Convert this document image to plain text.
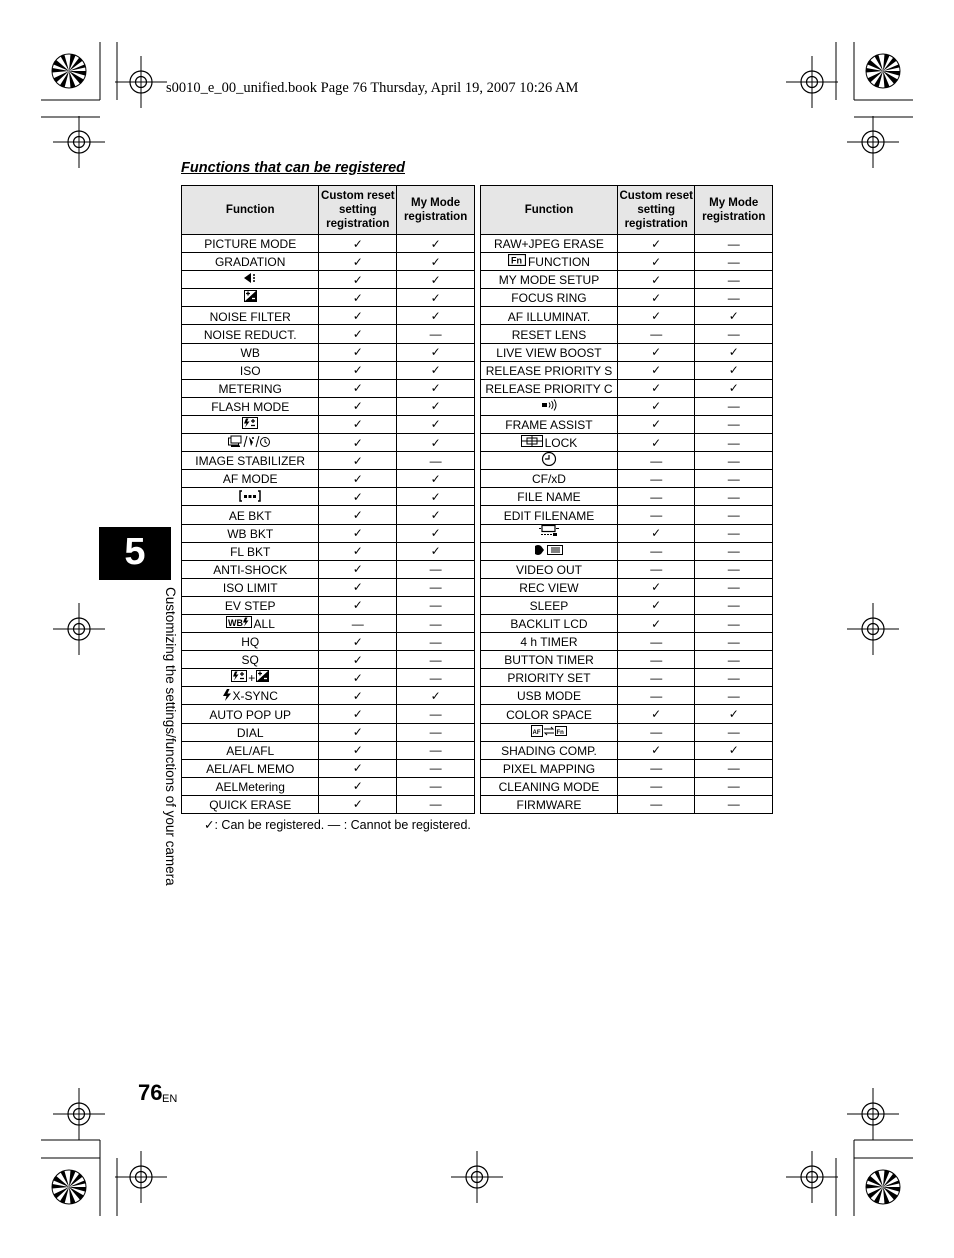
s0010_e_00_unified.book Page 76 Thursday, April 19, 2007 10:26 AM
Functions that can be registered
Function	Custom reset setting registration	My Mode registration
PICTURE MODE	✓	✓
GRADATION	✓	✓
	✓	✓
	✓	✓
NOISE FILTER	✓	✓
NOISE REDUCT.	✓	—
WB	✓	✓
ISO	✓	✓
METERING	✓	✓
FLASH MODE	✓	✓
	✓	✓
	✓	✓
IMAGE STABILIZER	✓	—
AF MODE	✓	✓
	✓	✓
AE BKT	✓	✓
WB BKT	✓	✓
FL BKT	✓	✓
ANTI-SHOCK	✓	—
ISO LIMIT	✓	—
EV STEP	✓	—

WB ALL	—	—
HQ	✓	—
SQ	✓	—
+	✓	—
X-SYNC	✓	✓
AUTO POP UP	✓	—
DIAL	✓	—
AEL/AFL	✓	—
AEL/AFL MEMO	✓	—
AELMetering	✓	—
QUICK ERASE	✓	—
Function	Custom reset setting registration	My Mode registration
RAW+JPEG ERASE	✓	—

Fn FUNCTION	✓	—
MY MODE SETUP	✓	—
FOCUS RING	✓	—
AF ILLUMINAT.	✓	✓
RESET LENS	—	—
LIVE VIEW BOOST	✓	✓
RELEASE PRIORITY S	✓	✓
RELEASE PRIORITY C	✓	✓
	✓	—
FRAME ASSIST	✓	—
LOCK	✓	—
	—	—
CF/xD	—	—
FILE NAME	—	—
EDIT FILENAME	—	—
	✓	—
	—	—
VIDEO OUT	—	—
REC VIEW	✓	—
SLEEP	✓	—
BACKLIT LCD	✓	—
4 h TIMER	—	—
BUTTON TIMER	—	—
PRIORITY SET	—	—
USB MODE	—	—
COLOR SPACE	✓	✓

AF Fn	—	—
SHADING COMP.	✓	✓
PIXEL MAPPING	—	—
CLEANING MODE	—	—
FIRMWARE	—	—
✓: Can be registered. — : Cannot be registered.
5
Customizing the settings/functions of your camera
76 EN
